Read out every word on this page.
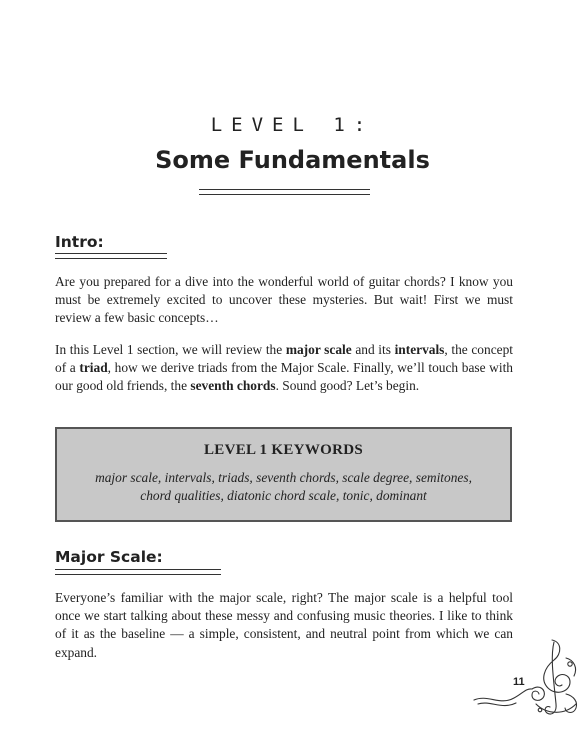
LEVEL 1:
Some Fundamentals
Intro:

Are you prepared for a dive into the wonderful world of guitar chords? I know you must be extremely excited to uncover these mysteries. But wait! First we must review a few basic concepts…

In this Level 1 section, we will review the major scale and its intervals, the concept of a triad, how we derive triads from the Major Scale. Finally, we’ll touch base with our good old friends, the seventh chords. Sound good? Let’s begin.

LEVEL 1 KEYWORDS
major scale, intervals, triads, seventh chords, scale degree, semitones,
chord qualities, diatonic chord scale, tonic, dominant
Major Scale:

Everyone’s familiar with the major scale, right? The major scale is a helpful tool once we start talking about these messy and confusing music theories. I like to think of it as the baseline — a simple, consistent, and neutral point from which we can expand.

11
